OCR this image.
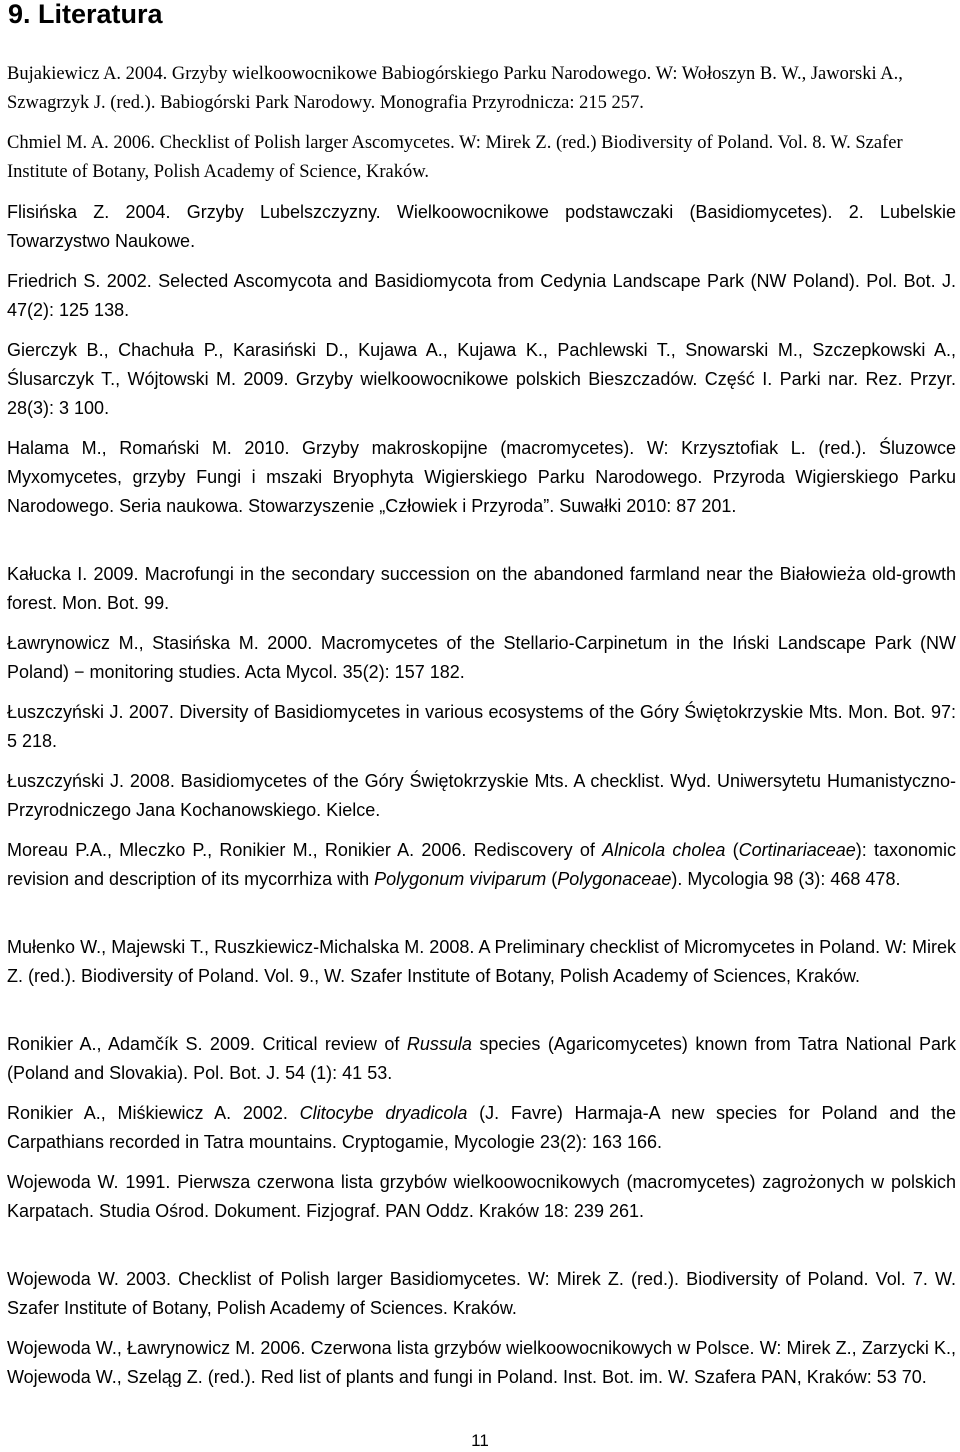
9. Literatura

Bujakiewicz A. 2004. Grzyby wielkoowocnikowe Babiogórskiego Parku Narodowego. W: Wołoszyn B. W., Jaworski A., Szwagrzyk J. (red.). Babiogórski Park Narodowy. Monografia Przyrodnicza: 215 257.

Chmiel M. A. 2006. Checklist of Polish larger Ascomycetes. W: Mirek Z. (red.) Biodiversity of Poland. Vol. 8. W. Szafer Institute of Botany, Polish Academy of Science, Kraków.

Flisińska Z. 2004. Grzyby Lubelszczyzny. Wielkoowocnikowe podstawczaki (Basidiomycetes). 2. Lubelskie Towarzystwo Naukowe.

Friedrich S. 2002. Selected Ascomycota and Basidiomycota from Cedynia Landscape Park (NW Poland). Pol. Bot. J. 47(2): 125 138.

Gierczyk B., Chachuła P., Karasiński D., Kujawa A., Kujawa K., Pachlewski T., Snowarski M., Szczepkowski A., Ślusarczyk T., Wójtowski M. 2009. Grzyby wielkoowocnikowe polskich Bieszczadów. Część I. Parki nar. Rez. Przyr. 28(3): 3 100.

Halama M., Romański M. 2010. Grzyby makroskopijne (macromycetes). W: Krzysztofiak L. (red.). Śluzowce Myxomycetes, grzyby Fungi i mszaki Bryophyta Wigierskiego Parku Narodowego. Przyroda Wigierskiego Parku Narodowego. Seria naukowa. Stowarzyszenie „Człowiek i Przyroda”. Suwałki 2010: 87 201.

Kałucka I. 2009. Macrofungi in the secondary succession on the abandoned farmland near the Białowieża old-growth forest. Mon. Bot. 99.

Ławrynowicz M., Stasińska M. 2000. Macromycetes of the Stellario-Carpinetum in the Iński Landscape Park (NW Poland) − monitoring studies. Acta Mycol. 35(2): 157 182.

Łuszczyński J. 2007. Diversity of Basidiomycetes in various ecosystems of the Góry Świętokrzyskie Mts. Mon. Bot. 97: 5 218.

Łuszczyński J. 2008. Basidiomycetes of the Góry Świętokrzyskie Mts. A checklist. Wyd. Uniwersytetu Humanistyczno-Przyrodniczego Jana Kochanowskiego. Kielce.

Moreau P.A., Mleczko P., Ronikier M., Ronikier A. 2006. Rediscovery of Alnicola cholea (Cortinariaceae): taxonomic revision and description of its mycorrhiza with Polygonum viviparum (Polygonaceae). Mycologia 98 (3): 468 478.

Mułenko W., Majewski T., Ruszkiewicz-Michalska M. 2008. A Preliminary checklist of Micromycetes in Poland. W: Mirek Z. (red.). Biodiversity of Poland. Vol. 9., W. Szafer Institute of Botany, Polish Academy of Sciences, Kraków.

Ronikier A., Adamčík S. 2009. Critical review of Russula species (Agaricomycetes) known from Tatra National Park (Poland and Slovakia). Pol. Bot. J. 54 (1): 41 53.

Ronikier A., Miśkiewicz A. 2002. Clitocybe dryadicola (J. Favre) Harmaja-A new species for Poland and the Carpathians recorded in Tatra mountains. Cryptogamie, Mycologie 23(2): 163 166.

Wojewoda W. 1991. Pierwsza czerwona lista grzybów wielkoowocnikowych (macromycetes) zagrożonych w polskich Karpatach. Studia Ośrod. Dokument. Fizjograf. PAN Oddz. Kraków 18: 239 261.

Wojewoda W. 2003. Checklist of Polish larger Basidiomycetes. W: Mirek Z. (red.). Biodiversity of Poland. Vol. 7. W. Szafer Institute of Botany, Polish Academy of Sciences. Kraków.

Wojewoda W., Ławrynowicz M. 2006. Czerwona lista grzybów wielkoowocnikowych w Polsce. W: Mirek Z., Zarzycki K., Wojewoda W., Szeląg Z. (red.). Red list of plants and fungi in Poland. Inst. Bot. im. W. Szafera PAN, Kraków: 53 70.

11
